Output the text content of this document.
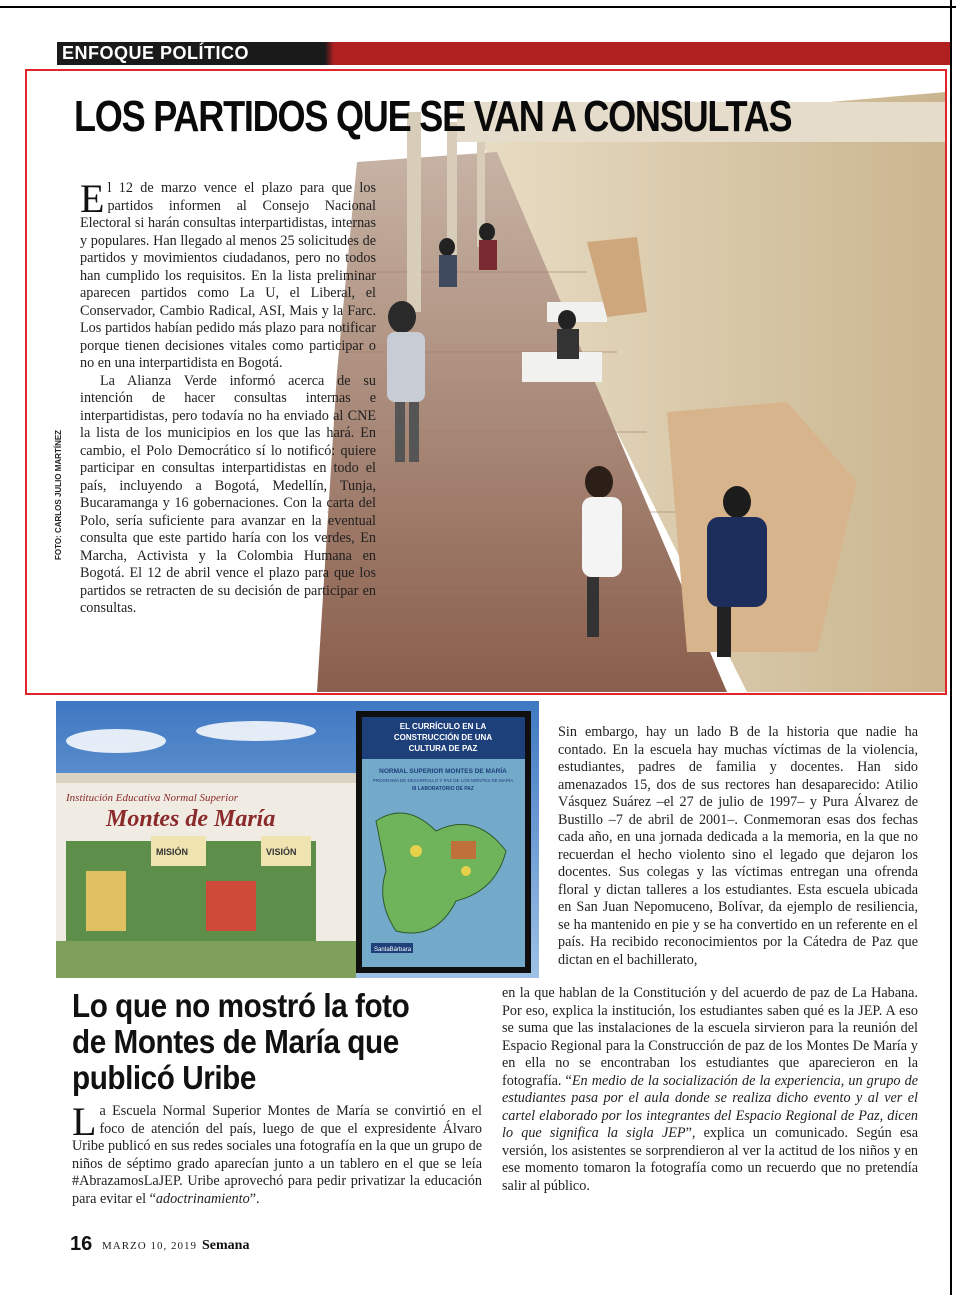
ENFOQUE POLÍTICO
LOS PARTIDOS QUE SE VAN A CONSULTAS
FOTO: CARLOS JULIO MARTÍNEZ

El 12 de marzo vence el plazo para que los partidos informen al Consejo Nacional Electoral si harán consultas interpartidistas, internas y populares. Han llegado al menos 25 solicitudes de partidos y movimientos ciudadanos, pero no todos han cumplido los requisitos. En la lista preliminar aparecen partidos como La U, el Liberal, el Conservador, Cambio Radical, ASI, Mais y la Farc. Los partidos habían pedido más plazo para notificar porque tienen decisiones vitales como participar o no en una interpartidista en Bogotá.

La Alianza Verde informó acerca de su intención de hacer consultas internas e interpartidistas, pero todavía no ha enviado al CNE la lista de los municipios en los que las hará. En cambio, el Polo Democrático sí lo notificó: quiere participar en consultas interpartidistas en todo el país, incluyendo a Bogotá, Medellín, Tunja, Bucaramanga y 16 gobernaciones. Con la carta del Polo, sería suficiente para avanzar en la eventual consulta que este partido haría con los verdes, En Marcha, Activista y la Colombia Humana en Bogotá. El 12 de abril vence el plazo para que los partidos se retracten de su decisión de participar en consultas.

Institución Educativa Normal Superior
Montes de María
MISIÓN	VISIÓN
EL CURRÍCULO EN LA
CONSTRUCCIÓN DE UNA
CULTURA DE PAZ
NORMAL SUPERIOR MONTES DE MARÍA
PROGRAMA DE DESARROLLO Y PAZ DE LOS MONTES DE MARÍA
III LABORATORIO DE PAZ
SantaBárbara
Lo que no mostró la foto de Montes de María que publicó Uribe
La Escuela Normal Superior Montes de María se convirtió en el foco de atención del país, luego de que el expresidente Álvaro Uribe publicó en sus redes sociales una fotografía en la que un grupo de niños de séptimo grado aparecían junto a un tablero en el que se leía #AbrazamosLaJEP. Uribe aprovechó para pedir privatizar la educación para evitar el “adoctrinamiento”.
Sin embargo, hay un lado B de la historia que nadie ha contado. En la escuela hay muchas víctimas de la violencia, estudiantes, padres de familia y docentes. Han sido amenazados 15, dos de sus rectores han desaparecido: Atilio Vásquez Suárez –el 27 de julio de 1997– y Pura Álvarez de Bustillo –7 de abril de 2001–. Conmemoran esas dos fechas cada año, en una jornada dedicada a la memoria, en la que no recuerdan el hecho violento sino el legado que dejaron los docentes. Sus colegas y las víctimas entregan una ofrenda floral y dictan talleres a los estudiantes. Esta escuela ubicada en San Juan Nepomuceno, Bolívar, da ejemplo de resiliencia, se ha mantenido en pie y se ha convertido en un referente en el país. Ha recibido reconocimientos por la Cátedra de Paz que dictan en el bachillerato,
en la que hablan de la Constitución y del acuerdo de paz de La Habana. Por eso, explica la institución, los estudiantes saben qué es la JEP. A eso se suma que las instalaciones de la escuela sirvieron para la reunión del Espacio Regional para la Construcción de paz de los Montes De María y en ella no se encontraban los estudiantes que aparecieron en la fotografía. “En medio de la socialización de la experiencia, un grupo de estudiantes pasa por el aula donde se realiza dicho evento y al ver el cartel elaborado por los integrantes del Espacio Regional de Paz, dicen lo que significa la sigla JEP”, explica un comunicado. Según esa versión, los asistentes se sorprendieron al ver la actitud de los niños y en ese momento tomaron la fotografía como un recuerdo que no pretendía salir al público.
16 MARZO 10, 2019 Semana
